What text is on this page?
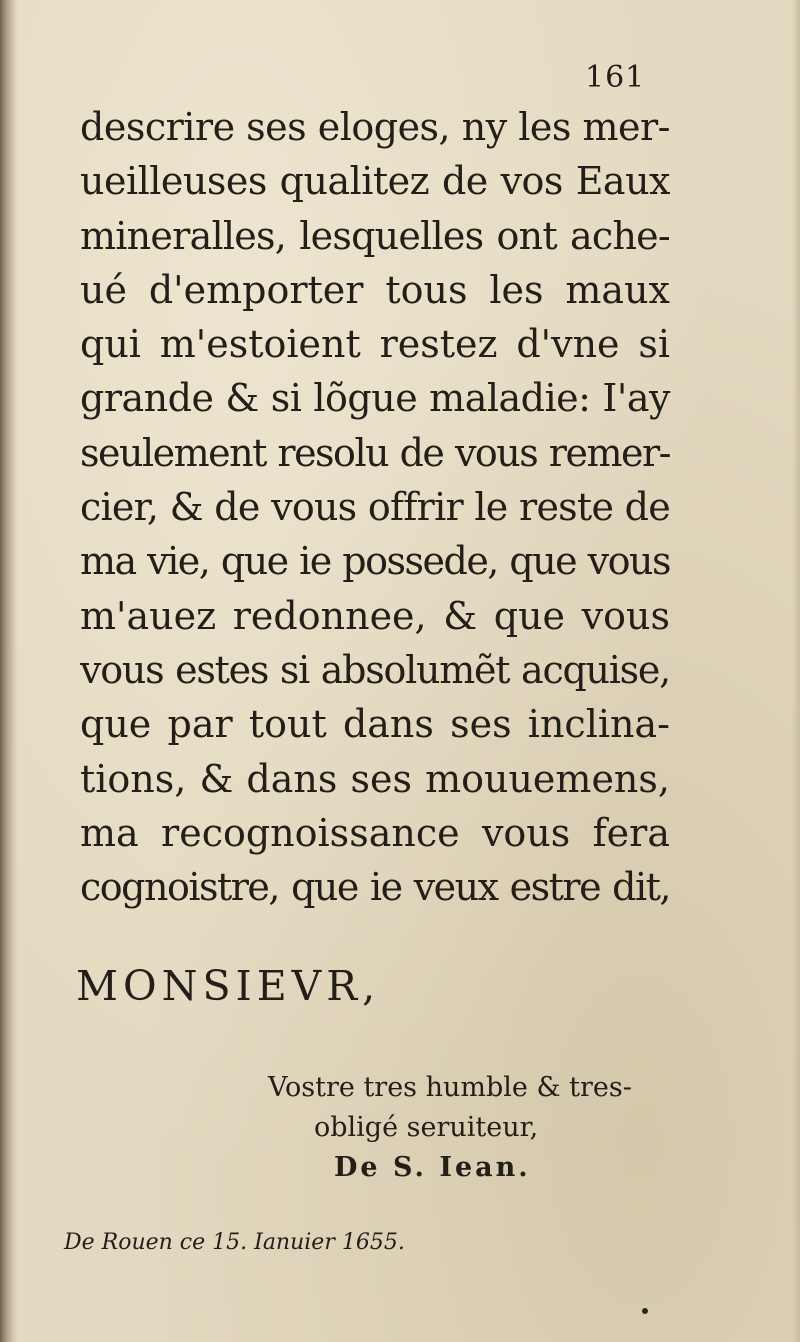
161
descrire ses eloges, ny les mer-
ueilleuses qualitez de vos Eaux
mineralles, lesquelles ont ache-
ué d'emporter tous les maux
qui m'estoient restez d'vne si
grande & si lõgue maladie: I'ay
seulement resolu de vous remer-
cier, & de vous offrir le reste de
ma vie, que ie possede, que vous
m'auez redonnee, & que vous
vous estes si absolumẽt acquise,
que par tout dans ses inclina-
tions, & dans ses mouuemens,
ma recognoissance vous fera
cognoistre, que ie veux estre dit,
MONSIEVR,
Vostre tres humble & tres-
obligé seruiteur,
De S. Iean.
De Rouen ce 15. Ianuier 1655.
